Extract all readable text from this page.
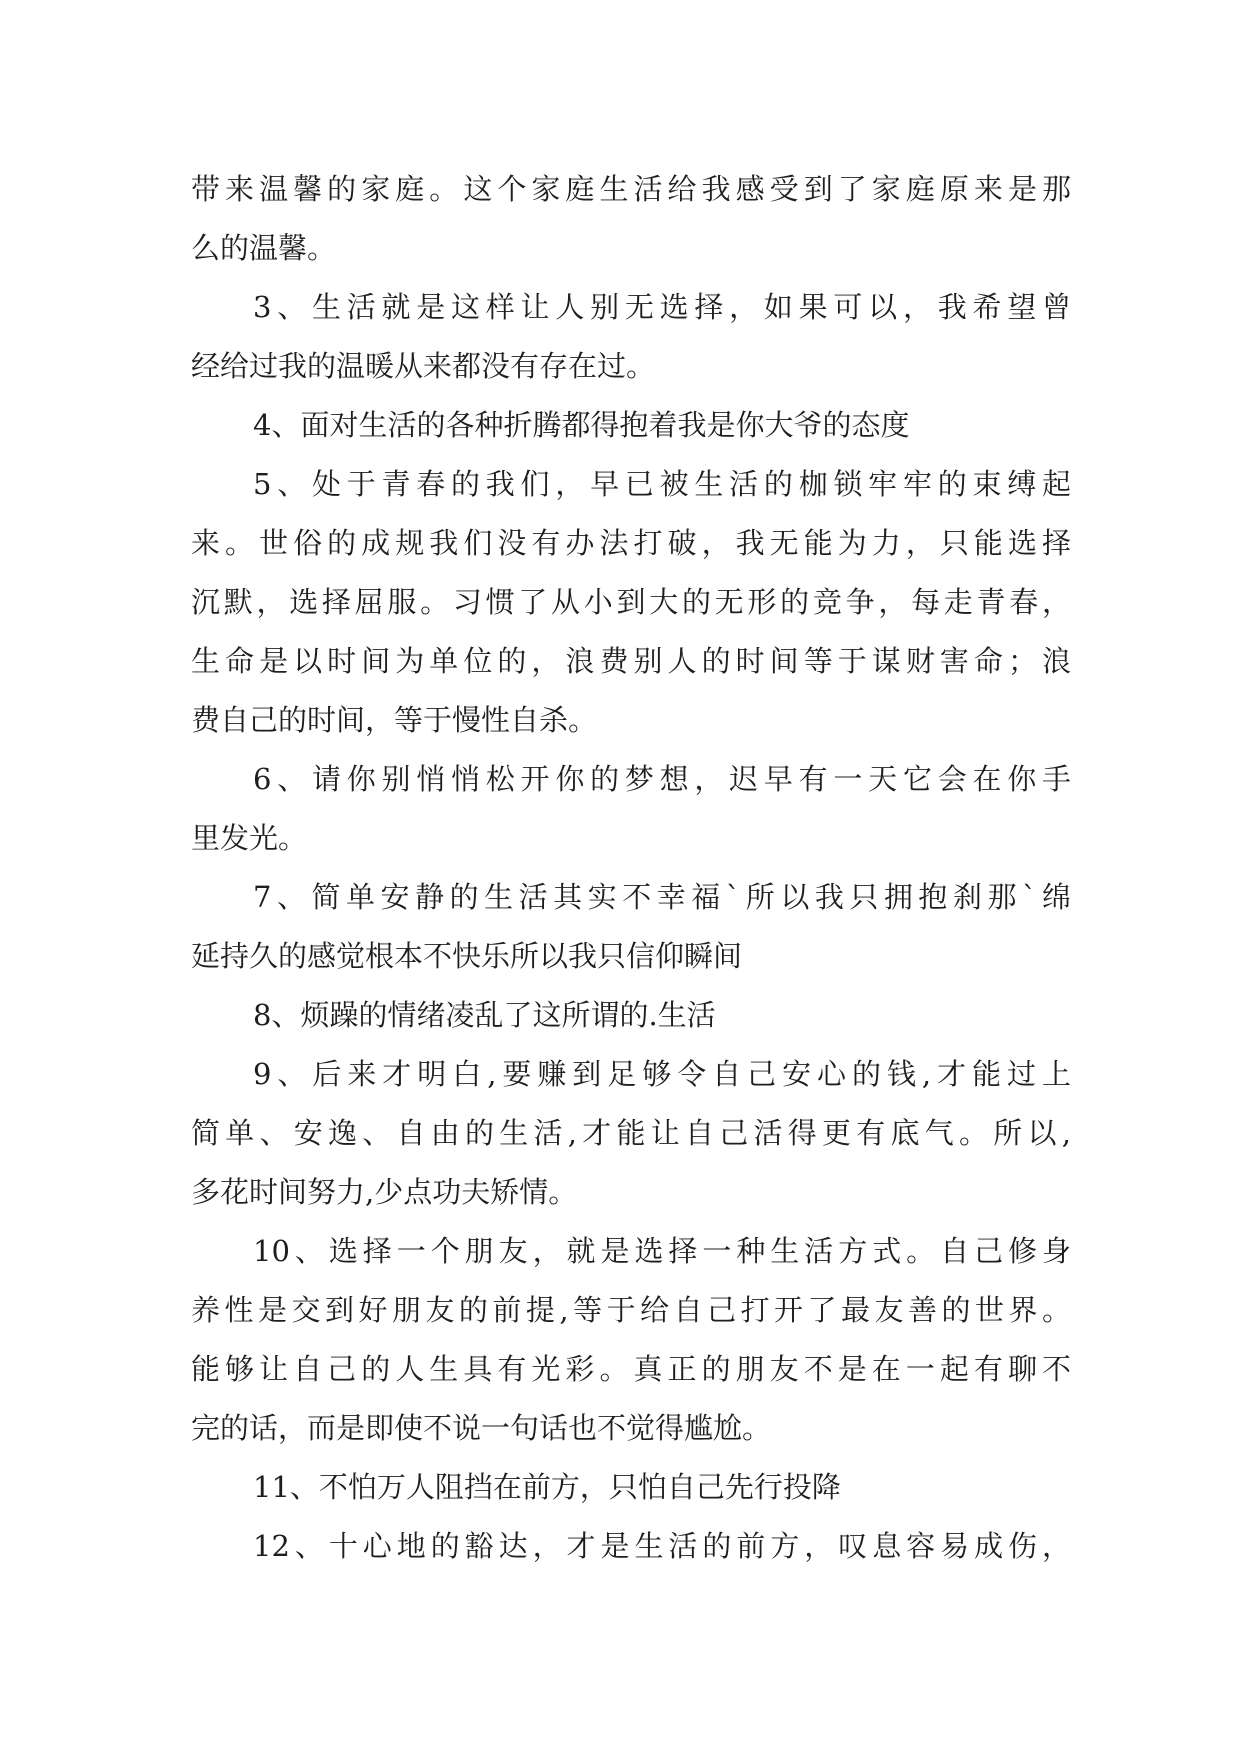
带来温馨的家庭。这个家庭生活给我感受到了家庭原来是那
么的温馨。
3、生活就是这样让人别无选择，如果可以，我希望曾
经给过我的温暖从来都没有存在过。
4、面对生活的各种折腾都得抱着我是你大爷的态度
5、处于青春的我们，早已被生活的枷锁牢牢的束缚起
来。世俗的成规我们没有办法打破，我无能为力，只能选择
沉默，选择屈服。习惯了从小到大的无形的竞争，每走青春，
生命是以时间为单位的，浪费别人的时间等于谋财害命；浪
费自己的时间，等于慢性自杀。
6、请你别悄悄松开你的梦想，迟早有一天它会在你手
里发光。
7、简单安静的生活其实不幸福`所以我只拥抱刹那`绵
延持久的感觉根本不快乐所以我只信仰瞬间
8、烦躁的情绪凌乱了这所谓的.生活
9、后来才明白,要赚到足够令自己安心的钱,才能过上
简单、安逸、自由的生活,才能让自己活得更有底气。所以,
多花时间努力,少点功夫矫情。
10、选择一个朋友，就是选择一种生活方式。自己修身
养性是交到好朋友的前提,等于给自己打开了最友善的世界。
能够让自己的人生具有光彩。真正的朋友不是在一起有聊不
完的话，而是即使不说一句话也不觉得尴尬。
11、不怕万人阻挡在前方，只怕自己先行投降
12、十心地的豁达，才是生活的前方，叹息容易成伤，
